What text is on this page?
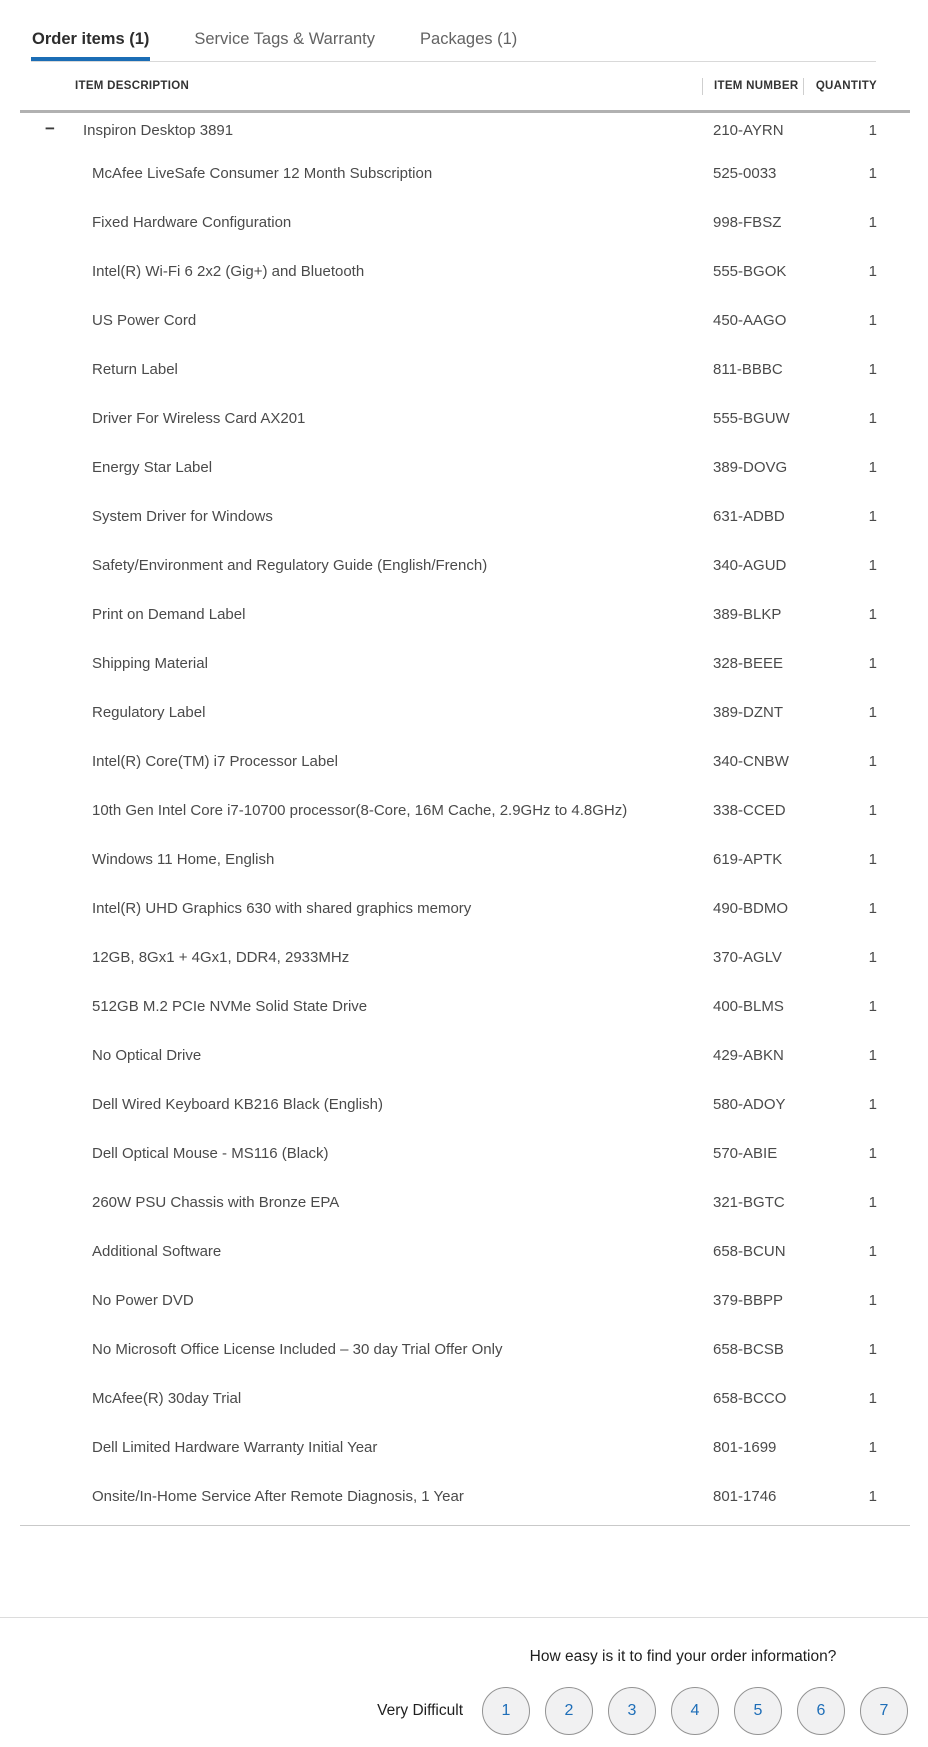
Order items (1)	Service Tags & Warranty	Packages (1)
ITEM DESCRIPTION	ITEM NUMBER	QUANTITY
− Inspiron Desktop 3891	210-AYRN	1
McAfee LiveSafe Consumer 12 Month Subscription	525-0033	1
Fixed Hardware Configuration	998-FBSZ	1
Intel(R) Wi-Fi 6 2x2 (Gig+) and Bluetooth	555-BGOK	1
US Power Cord	450-AAGO	1
Return Label	811-BBBC	1
Driver For Wireless Card AX201	555-BGUW	1
Energy Star Label	389-DOVG	1
System Driver for Windows	631-ADBD	1
Safety/Environment and Regulatory Guide (English/French)	340-AGUD	1
Print on Demand Label	389-BLKP	1
Shipping Material	328-BEEE	1
Regulatory Label	389-DZNT	1
Intel(R) Core(TM) i7 Processor Label	340-CNBW	1
10th Gen Intel Core i7-10700 processor(8-Core, 16M Cache, 2.9GHz to 4.8GHz)	338-CCED	1
Windows 11 Home, English	619-APTK	1
Intel(R) UHD Graphics 630 with shared graphics memory	490-BDMO	1
12GB, 8Gx1 + 4Gx1, DDR4, 2933MHz	370-AGLV	1
512GB M.2 PCIe NVMe Solid State Drive	400-BLMS	1
No Optical Drive	429-ABKN	1
Dell Wired Keyboard KB216 Black (English)	580-ADOY	1
Dell Optical Mouse - MS116 (Black)	570-ABIE	1
260W PSU Chassis with Bronze EPA	321-BGTC	1
Additional Software	658-BCUN	1
No Power DVD	379-BBPP	1
No Microsoft Office License Included – 30 day Trial Offer Only	658-BCSB	1
McAfee(R) 30day Trial	658-BCCO	1
Dell Limited Hardware Warranty Initial Year	801-1699	1
Onsite/In-Home Service After Remote Diagnosis, 1 Year	801-1746	1
How easy is it to find your order information?
Very Difficult	1	2	3	4	5	6	7
